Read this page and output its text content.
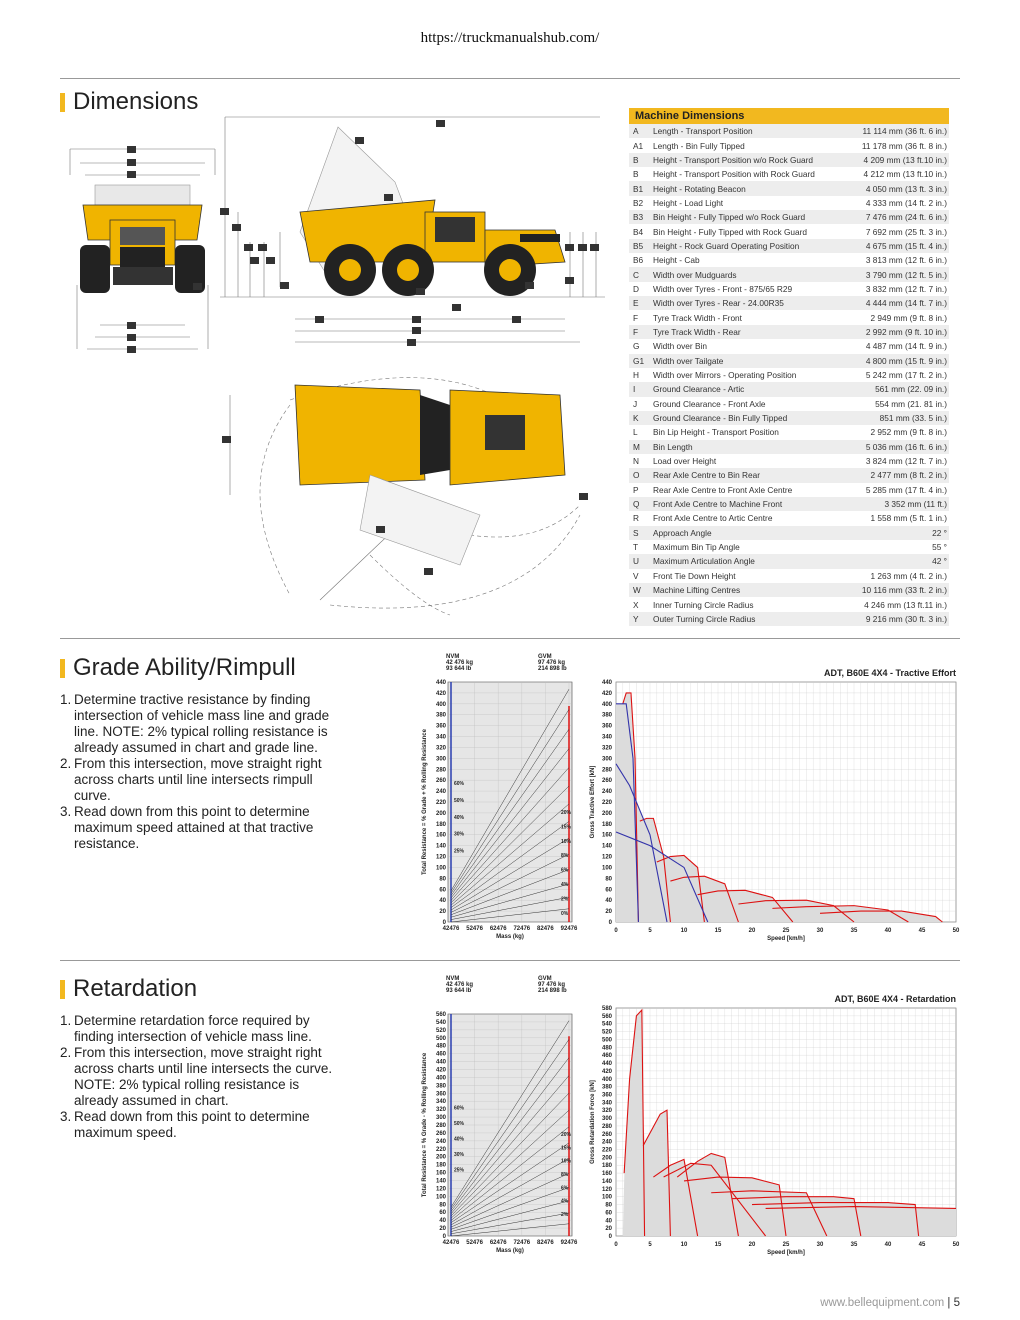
https://truckmanualshub.com/
Dimensions
Machine Dimensions		
A	Length - Transport Position	11 114 mm (36 ft. 6 in.)
A1	Length - Bin Fully Tipped	11 178 mm (36 ft. 8 in.)
B	Height - Transport Position w/o Rock Guard	4 209 mm (13 ft.10 in.)
B	Height - Transport Position with Rock Guard	4 212 mm (13 ft.10 in.)
B1	Height - Rotating Beacon	4 050 mm (13 ft. 3 in.)
B2	Height - Load Light	4 333 mm (14 ft. 2 in.)
B3	Bin Height - Fully Tipped w/o Rock Guard	7 476 mm (24 ft. 6 in.)
B4	Bin Height - Fully Tipped with Rock Guard	7 692 mm (25 ft. 3 in.)
B5	Height - Rock Guard Operating Position	4 675 mm (15 ft. 4 in.)
B6	Height - Cab	3 813 mm (12 ft. 6 in.)
C	Width over Mudguards	3 790 mm (12 ft. 5 in.)
D	Width over Tyres - Front - 875/65 R29	3 832 mm (12 ft. 7 in.)
E	Width over Tyres - Rear - 24.00R35	4 444 mm (14 ft. 7 in.)
F	Tyre Track Width - Front	2 949 mm (9 ft. 8 in.)
F	Tyre Track Width - Rear	2 992 mm (9 ft. 10 in.)
G	Width over Bin	4 487 mm (14 ft. 9 in.)
G1	Width over Tailgate	4 800 mm (15 ft. 9 in.)
H	Width over Mirrors - Operating Position	5 242 mm (17 ft. 2 in.)
I	Ground Clearance - Artic	561 mm (22. 09 in.)
J	Ground Clearance - Front Axle	554 mm (21. 81 in.)
K	Ground Clearance - Bin Fully Tipped	851 mm (33. 5 in.)
L	Bin Lip Height - Transport Position	2 952 mm (9 ft. 8 in.)
M	Bin Length	5 036 mm (16 ft. 6 in.)
N	Load over Height	3 824 mm (12 ft. 7 in.)
O	Rear Axle Centre to Bin Rear	2 477 mm (8 ft. 2 in.)
P	Rear Axle Centre to Front Axle Centre	5 285 mm (17 ft. 4 in.)
Q	Front Axle Centre to Machine Front	3 352 mm (11 ft.)
R	Front Axle Centre to Artic Centre	1 558 mm (5 ft. 1 in.)
S	Approach Angle	22 °
T	Maximum Bin Tip Angle	55 °
U	Maximum Articulation Angle	42 °
V	Front Tie Down Height	1 263 mm (4 ft. 2 in.)
W	Machine Lifting Centres	10 116 mm (33 ft. 2 in.)
X	Inner Turning Circle Radius	4 246 mm (13 ft.11 in.)
Y	Outer Turning Circle Radius	9 216 mm (30 ft. 3 in.)
Grade Ability/Rimpull
1. Determine tractive resistance by finding intersection of vehicle mass line and grade line. NOTE: 2% typical rolling resistance is already assumed in chart and grade line.
2. From this intersection, move straight right across charts until line intersects rimpull curve.
3. Read down from this point to determine maximum speed attained at that tractive resistance.
0
20
40
60
80
100
120
140
160
180
200
220
240
260
280
300
320
340
360
380
400
420
440
42476 52476 62476 72476 82476 92476
Mass (kg)
Total Resistance = % Grade + % Rolling Resistance
NVM
42 476 kg
93 644 lb
GVM
97 476 kg
214 898 lb
60%
50%
40%
30%
25%
20%
15%
10%
8%
6%
4%
2%
0%
0
20
40
60
80
100
120
140
160
180
200
220
240
260
280
300
320
340
360
380
400
420
440
0	5	10	15	20	25	30	35	40	45	50
Speed [km/h]
Gross Tractive Effort [kN]
ADT, B60E 4X4 - Tractive Effort
Retardation
1. Determine retardation force required by finding intersection of vehicle mass line.
2. From this intersection, move straight right across charts until line intersects the curve. NOTE: 2% typical rolling resistance is already assumed in chart.
3. Read down from this point to determine maximum speed.
0
20
40
60
80
100
120
140
160
180
200
220
240
260
280
300
320
340
360
380
400
420
440
460
480
500
520
540
560
42476 52476 62476 72476 82476 92476
Mass (kg)
Total Resistance = % Grade - % Rolling Resistance
NVM
42 476 kg
93 644 lb
GVM
97 476 kg
214 898 lb
60%
50%
40%
30%
25%
20%
15%
10%
8%
6%
4%
2%
0
20
40
60
80
100
120
140
160
180
200
220
240
260
280
300
320
340
360
380
400
420
440
460
480
500
520
540
560
580
0	5	10	15	20	25	30	35	40	45	50
Speed [km/h]
Gross Retardation Force [kN]
ADT, B60E 4X4 - Retardation
www.bellequipment.com | 5
